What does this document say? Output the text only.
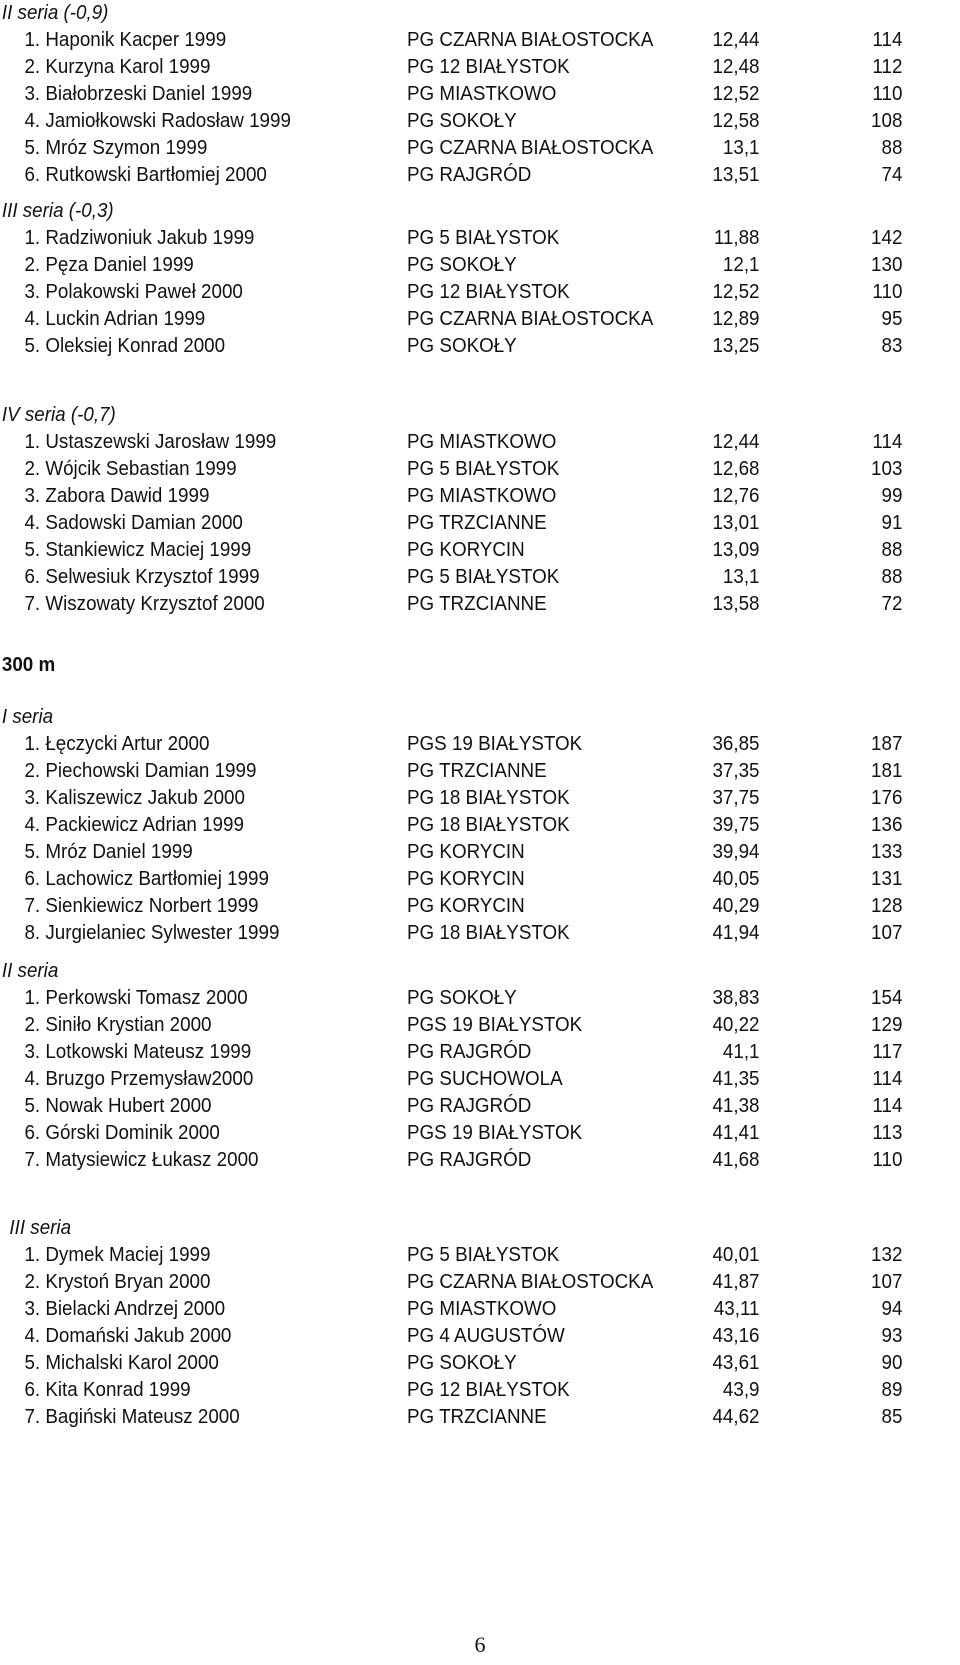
II seria (-0,9)
1. Haponik Kacper 1999	PG CZARNA BIAŁOSTOCKA	12,44	114
2. Kurzyna Karol 1999	PG 12 BIAŁYSTOK	12,48	112
3. Białobrzeski Daniel 1999	PG MIASTKOWO	12,52	110
4. Jamiołkowski Radosław 1999	PG SOKOŁY	12,58	108
5. Mróz Szymon 1999	PG CZARNA BIAŁOSTOCKA	13,1	88
6. Rutkowski Bartłomiej 2000	PG RAJGRÓD	13,51	74
III seria (-0,3)
1. Radziwoniuk Jakub 1999	PG 5 BIAŁYSTOK	11,88	142
2. Pęza Daniel 1999	PG SOKOŁY	12,1	130
3. Polakowski Paweł 2000	PG 12 BIAŁYSTOK	12,52	110
4. Luckin Adrian 1999	PG CZARNA BIAŁOSTOCKA	12,89	95
5. Oleksiej Konrad 2000	PG SOKOŁY	13,25	83
IV seria (-0,7)
1. Ustaszewski Jarosław 1999	PG MIASTKOWO	12,44	114
2. Wójcik Sebastian 1999	PG 5 BIAŁYSTOK	12,68	103
3. Zabora Dawid 1999	PG MIASTKOWO	12,76	99
4. Sadowski Damian 2000	PG TRZCIANNE	13,01	91
5. Stankiewicz Maciej 1999	PG KORYCIN	13,09	88
6. Selwesiuk Krzysztof 1999	PG 5 BIAŁYSTOK	13,1	88
7. Wiszowaty Krzysztof 2000	PG TRZCIANNE	13,58	72
300 m
I seria
1. Łęczycki Artur 2000	PGS 19 BIAŁYSTOK	36,85	187
2. Piechowski Damian 1999	PG TRZCIANNE	37,35	181
3. Kaliszewicz Jakub 2000	PG 18 BIAŁYSTOK	37,75	176
4. Packiewicz Adrian 1999	PG 18 BIAŁYSTOK	39,75	136
5. Mróz Daniel 1999	PG KORYCIN	39,94	133
6. Lachowicz Bartłomiej 1999	PG KORYCIN	40,05	131
7. Sienkiewicz Norbert 1999	PG KORYCIN	40,29	128
8. Jurgielaniec Sylwester 1999	PG 18 BIAŁYSTOK	41,94	107
II seria
1. Perkowski Tomasz 2000	PG SOKOŁY	38,83	154
2. Siniło Krystian 2000	PGS 19 BIAŁYSTOK	40,22	129
3. Lotkowski Mateusz 1999	PG RAJGRÓD	41,1	117
4. Bruzgo Przemysław2000	PG SUCHOWOLA	41,35	114
5. Nowak Hubert 2000	PG RAJGRÓD	41,38	114
6. Górski Dominik 2000	PGS 19 BIAŁYSTOK	41,41	113
7. Matysiewicz Łukasz 2000	PG RAJGRÓD	41,68	110
III seria
1. Dymek Maciej 1999	PG 5 BIAŁYSTOK	40,01	132
2. Krystoń Bryan 2000	PG CZARNA BIAŁOSTOCKA	41,87	107
3. Bielacki Andrzej 2000	PG MIASTKOWO	43,11	94
4. Domański Jakub 2000	PG 4 AUGUSTÓW	43,16	93
5. Michalski Karol 2000	PG SOKOŁY	43,61	90
6. Kita Konrad 1999	PG 12 BIAŁYSTOK	43,9	89
7. Bagiński Mateusz 2000	PG TRZCIANNE	44,62	85
6
